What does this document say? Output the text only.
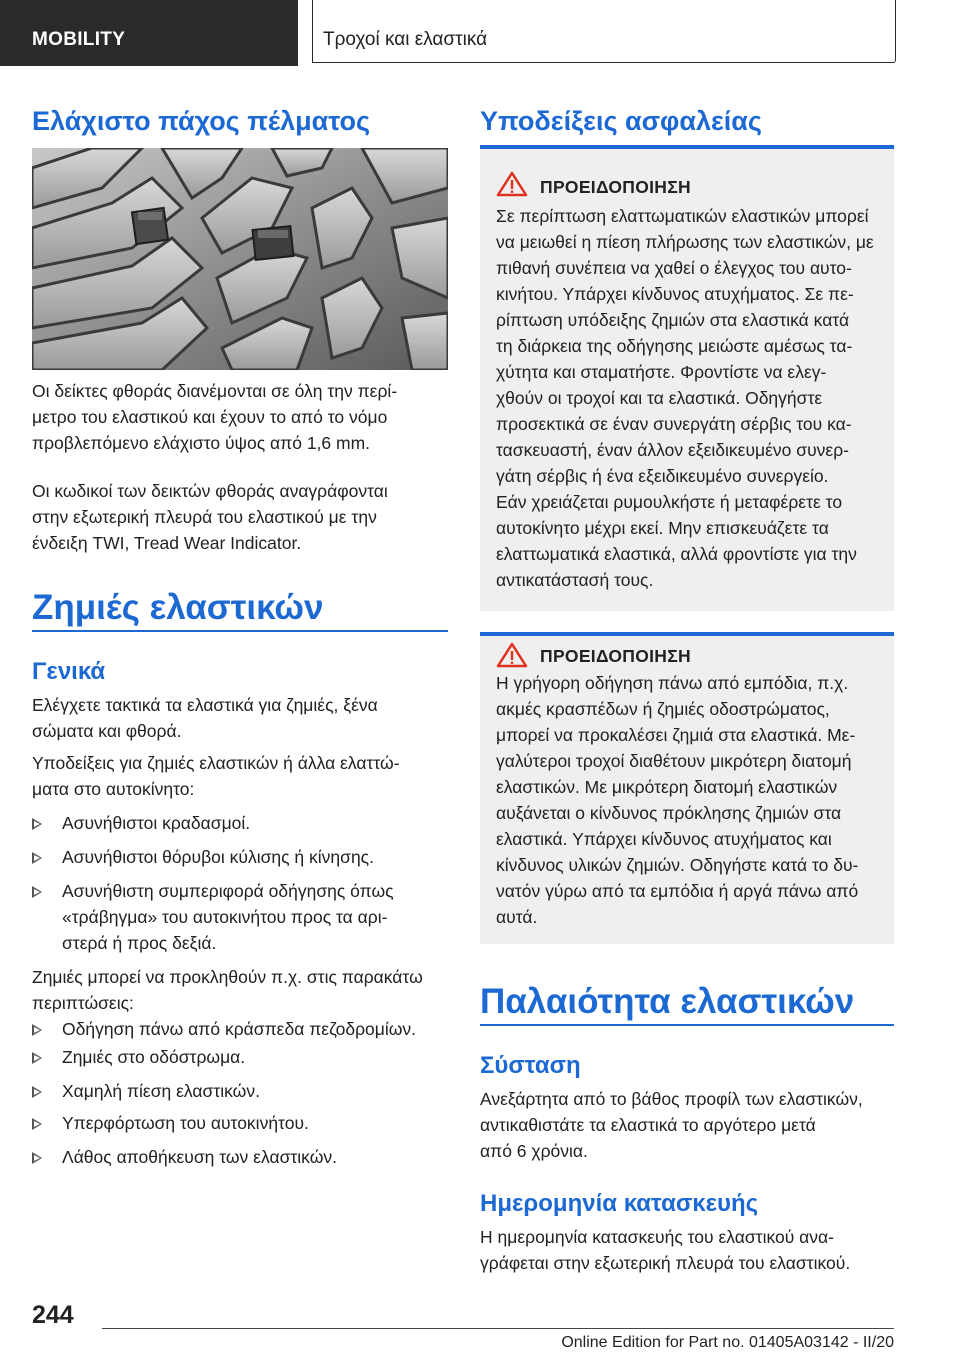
MOBILITY	Τροχοί και ελαστικά
Ελάχιστο πάχος πέλματος

Οι δείκτες φθοράς διανέμονται σε όλη την περί-
μετρο του ελαστικού και έχουν το από το νόμο
προβλεπόμενο ελάχιστο ύψος από 1,6 mm.

Οι κωδικοί των δεικτών φθοράς αναγράφονται
στην εξωτερική πλευρά του ελαστικού με την
ένδειξη TWI, Tread Wear Indicator.

Ζημιές ελαστικών
Γενικά

Ελέγχετε τακτικά τα ελαστικά για ζημιές, ξένα
σώματα και φθορά.

Υποδείξεις για ζημιές ελαστικών ή άλλα ελαττώ-
ματα στο αυτοκίνητο:

Ασυνήθιστοι κραδασμοί.
Ασυνήθιστοι θόρυβοι κύλισης ή κίνησης.
Ασυνήθιστη συμπεριφορά οδήγησης όπως
«τράβηγμα» του αυτοκινήτου προς τα αρι-
στερά ή προς δεξιά.

Ζημιές μπορεί να προκληθούν π.χ. στις παρακάτω
περιπτώσεις:

Οδήγηση πάνω από κράσπεδα πεζοδρομίων.
Ζημιές στο οδόστρωμα.
Χαμηλή πίεση ελαστικών.
Υπερφόρτωση του αυτοκινήτου.
Λάθος αποθήκευση των ελαστικών.
Υποδείξεις ασφαλείας
ΠΡΟΕΙΔΟΠΟΙΗΣΗ
Σε περίπτωση ελαττωματικών ελαστικών μπορεί
να μειωθεί η πίεση πλήρωσης των ελαστικών, με
πιθανή συνέπεια να χαθεί ο έλεγχος του αυτο-
κινήτου. Υπάρχει κίνδυνος ατυχήματος. Σε πε-
ρίπτωση υπόδειξης ζημιών στα ελαστικά κατά
τη διάρκεια της οδήγησης μειώστε αμέσως τα-
χύτητα και σταματήστε. Φροντίστε να ελεγ-
χθούν οι τροχοί και τα ελαστικά. Οδηγήστε
προσεκτικά σε έναν συνεργάτη σέρβις του κα-
τασκευαστή, έναν άλλον εξειδικευμένο συνερ-
γάτη σέρβις ή ένα εξειδικευμένο συνεργείο.
Εάν χρειάζεται ρυμουλκήστε ή μεταφέρετε το
αυτοκίνητο μέχρι εκεί. Μην επισκευάζετε τα
ελαττωματικά ελαστικά, αλλά φροντίστε για την
αντικατάστασή τους.
ΠΡΟΕΙΔΟΠΟΙΗΣΗ
Η γρήγορη οδήγηση πάνω από εμπόδια, π.χ.
ακμές κρασπέδων ή ζημιές οδοστρώματος,
μπορεί να προκαλέσει ζημιά στα ελαστικά. Με-
γαλύτεροι τροχοί διαθέτουν μικρότερη διατομή
ελαστικών. Με μικρότερη διατομή ελαστικών
αυξάνεται ο κίνδυνος πρόκλησης ζημιών στα
ελαστικά. Υπάρχει κίνδυνος ατυχήματος και
κίνδυνος υλικών ζημιών. Οδηγήστε κατά το δυ-
νατόν γύρω από τα εμπόδια ή αργά πάνω από
αυτά.
Παλαιότητα ελαστικών
Σύσταση

Ανεξάρτητα από το βάθος προφίλ των ελαστικών,
αντικαθιστάτε τα ελαστικά το αργότερο μετά
από 6 χρόνια.

Ημερομηνία κατασκευής

Η ημερομηνία κατασκευής του ελαστικού ανα-
γράφεται στην εξωτερική πλευρά του ελαστικού.

244
Online Edition for Part no. 01405A03142 - II/20
